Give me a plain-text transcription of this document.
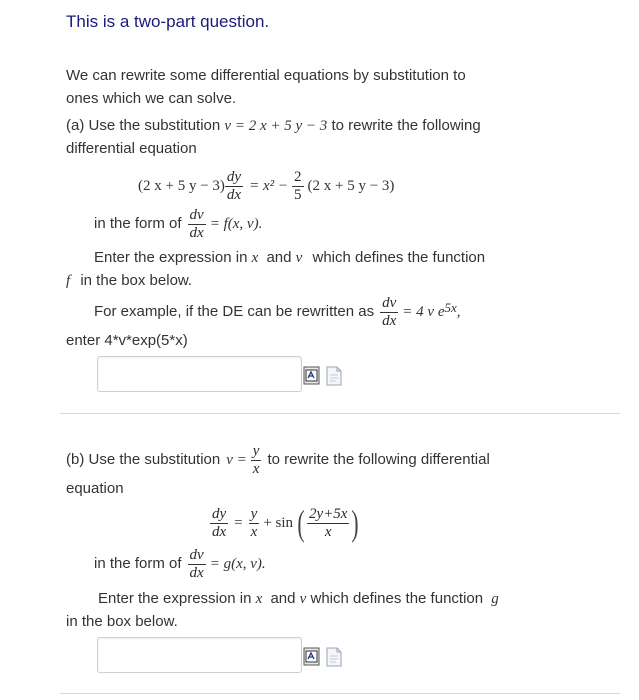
This is a two-part question.
We can rewrite some differential equations by substitution to
ones which we can solve.
(a) Use the substitution v = 2 x + 5 y − 3 to rewrite the following
differential equation
(2 x + 5 $y - 3) \frac{dy}{dx} = x^2 - \frac{2}{5} (2$ x + 5 y − 3)
in the form of $\frac{dv}{dx} = f(x$, v).
Enter the expression in x and v which defines the function
f in the box below.
For example, if the DE can be rewritten as $\frac{dv}{dx} = 4$ v $e^{5x}$ ,
enter 4*v*exp(5*x)
(b) Use the substitution $v = \frac{y}{x}$ to rewrite the following differential
equation
$\frac{dy}{dx} = \frac{y}{x} + \sin$ ( $\frac{2y+5x}{x}$ )
in the form of $\frac{dv}{dx} = g(x$, v).
Enter the expression in x and v which defines the function g
in the box below.
